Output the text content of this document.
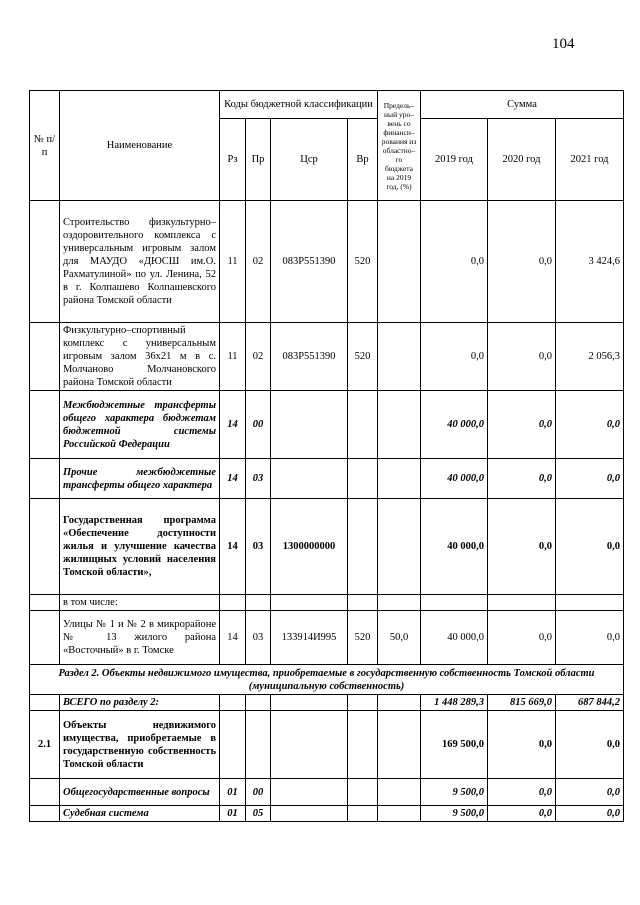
104
№ п/п	Наименование	Коды бюджетной классификации				Предель–ный уро–вень со финанси–рования из областно–го бюджета на 2019 год, (%)	Сумма		
		Рз	Пр	Цср	Вр		2019 год	2020 год	2021 год
	Строительство физкультурно–оздоровительного комплекса с универсальным игровым залом для МАУДО «ДЮСШ им.О. Рахматулиной» по ул. Ленина, 52 в г. Колпашево Колпашевского района Томской области	11	02	083Р551390	520		0,0	0,0	3 424,6
	Физкультурно–спортивный комплекс с универсальным игровым залом 36х21 м в с. Молчаново Молчановского района Томской области	11	02	083Р551390	520		0,0	0,0	2 056,3
	Межбюджетные трансферты общего характера бюджетам бюджетной системы Российской Федерации	14	00				40 000,0	0,0	0,0
	Прочие межбюджетные трансферты общего характера	14	03				40 000,0	0,0	0,0
	Государственная программа «Обеспечение доступности жилья и улучшение качества жилищных условий населения Томской области»,	14	03	1300000000			40 000,0	0,0	0,0
	в том числе:								
	Улицы № 1 и № 2 в микрорайоне № 13 жилого района «Восточный» в г. Томске	14	03	133914И995	520	50,0	40 000,0	0,0	0,0
Раздел 2. Объекты недвижимого имущества, приобретаемые в государственную собственность Томской области (муниципальную собственность)									
	ВСЕГО по разделу 2:						1 448 289,3	815 669,0	687 844,2
2.1	Объекты недвижимого имущества, приобретаемые в государственную собственность Томской области						169 500,0	0,0	0,0
	Общегосударственные вопросы	01	00				9 500,0	0,0	0,0
	Судебная система	01	05				9 500,0	0,0	0,0
